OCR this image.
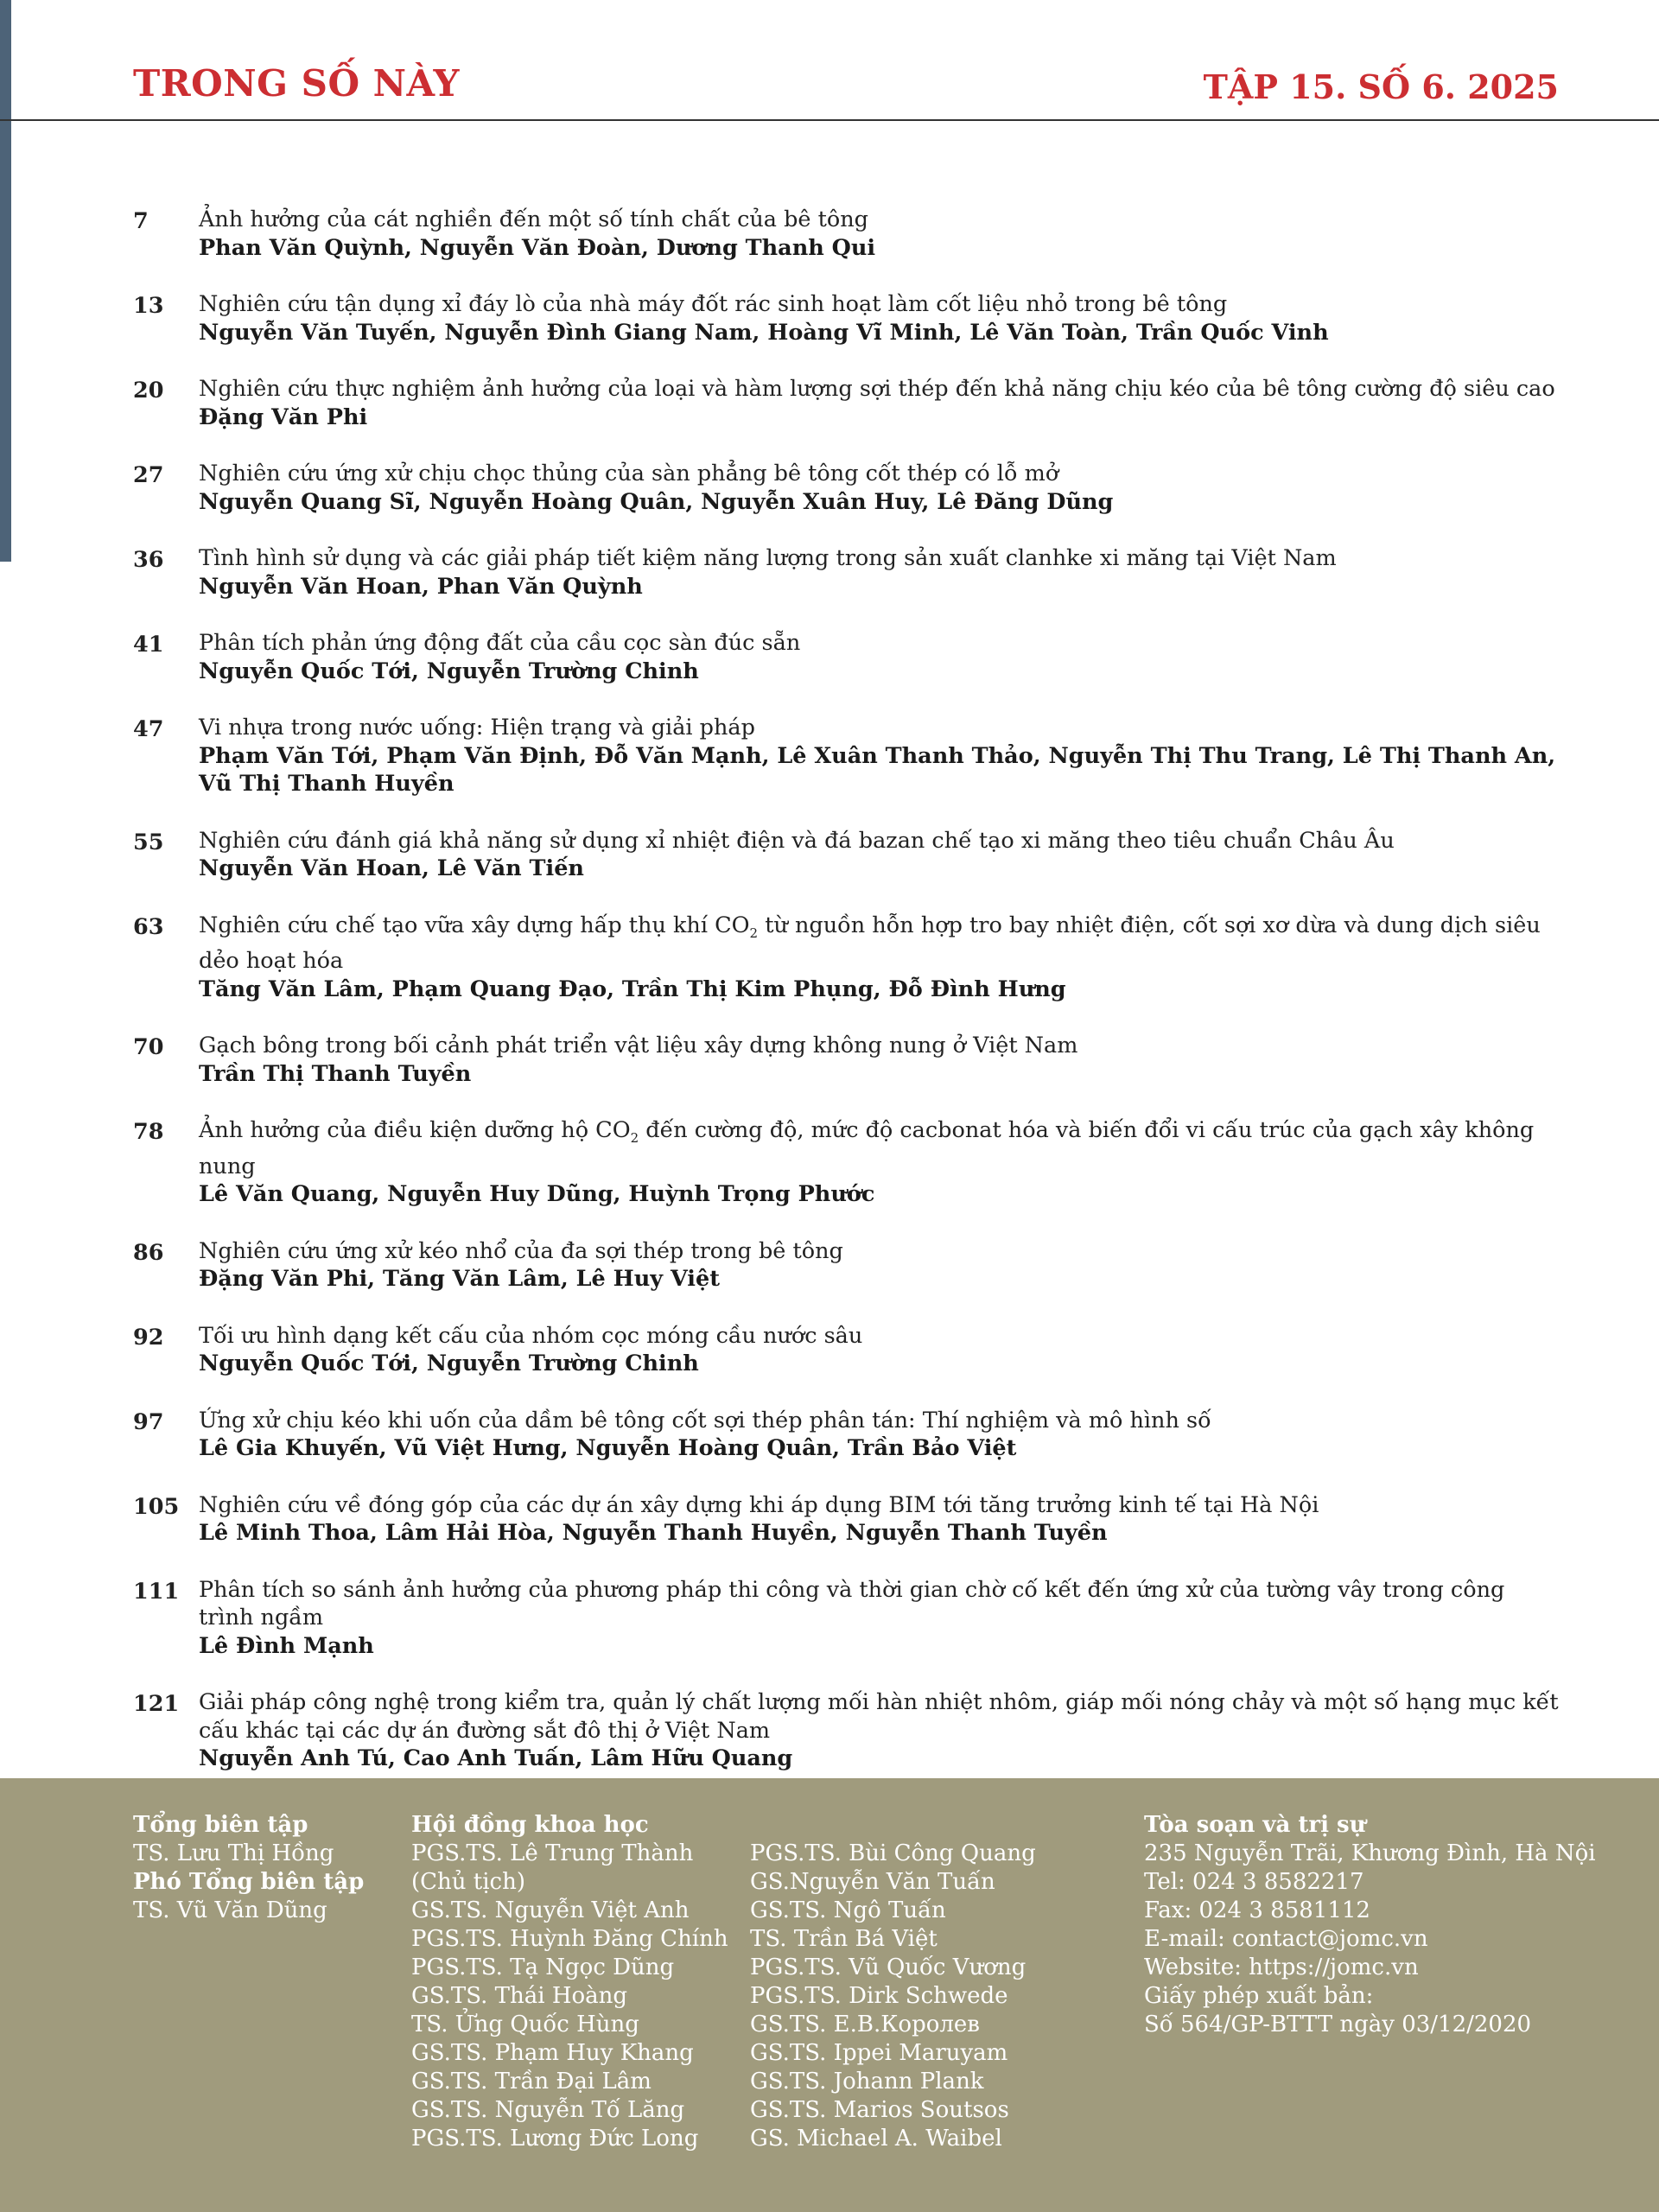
TRONG SỐ NÀY	TẬP 15. SỐ 6. 2025
7 Ảnh hưởng của cát nghiền đến một số tính chất của bê tông
Phan Văn Quỳnh, Nguyễn Văn Đoàn, Dương Thanh Qui
13 Nghiên cứu tận dụng xỉ đáy lò của nhà máy đốt rác sinh hoạt làm cốt liệu nhỏ trong bê tông
Nguyễn Văn Tuyến, Nguyễn Đình Giang Nam, Hoàng Vĩ Minh, Lê Văn Toàn, Trần Quốc Vinh
20 Nghiên cứu thực nghiệm ảnh hưởng của loại và hàm lượng sợi thép đến khả năng chịu kéo của bê tông cường độ siêu cao
Đặng Văn Phi
27 Nghiên cứu ứng xử chịu chọc thủng của sàn phẳng bê tông cốt thép có lỗ mở
Nguyễn Quang Sĩ, Nguyễn Hoàng Quân, Nguyễn Xuân Huy, Lê Đăng Dũng
36 Tình hình sử dụng và các giải pháp tiết kiệm năng lượng trong sản xuất clanhke xi măng tại Việt Nam
Nguyễn Văn Hoan, Phan Văn Quỳnh
41 Phân tích phản ứng động đất của cầu cọc sàn đúc sẵn
Nguyễn Quốc Tới, Nguyễn Trường Chinh
47 Vi nhựa trong nước uống: Hiện trạng và giải pháp
Phạm Văn Tới, Phạm Văn Định, Đỗ Văn Mạnh, Lê Xuân Thanh Thảo, Nguyễn Thị Thu Trang, Lê Thị Thanh An, Vũ Thị Thanh Huyền
55 Nghiên cứu đánh giá khả năng sử dụng xỉ nhiệt điện và đá bazan chế tạo xi măng theo tiêu chuẩn Châu Âu
Nguyễn Văn Hoan, Lê Văn Tiến
63 Nghiên cứu chế tạo vữa xây dựng hấp thụ khí $CO_2$ từ nguồn hỗn hợp tro bay nhiệt điện, cốt sợi xơ dừa và dung dịch siêu dẻo hoạt hóa
Tăng Văn Lâm, Phạm Quang Đạo, Trần Thị Kim Phụng, Đỗ Đình Hưng
70 Gạch bông trong bối cảnh phát triển vật liệu xây dựng không nung ở Việt Nam
Trần Thị Thanh Tuyền
78 Ảnh hưởng của điều kiện dưỡng hộ $CO_2$ đến cường độ, mức độ cacbonat hóa và biến đổi vi cấu trúc của gạch xây không nung
Lê Văn Quang, Nguyễn Huy Dũng, Huỳnh Trọng Phước
86 Nghiên cứu ứng xử kéo nhổ của đa sợi thép trong bê tông
Đặng Văn Phi, Tăng Văn Lâm, Lê Huy Việt
92 Tối ưu hình dạng kết cấu của nhóm cọc móng cầu nước sâu
Nguyễn Quốc Tới, Nguyễn Trường Chinh
97 Ứng xử chịu kéo khi uốn của dầm bê tông cốt sợi thép phân tán: Thí nghiệm và mô hình số
Lê Gia Khuyến, Vũ Việt Hưng, Nguyễn Hoàng Quân, Trần Bảo Việt
105 Nghiên cứu về đóng góp của các dự án xây dựng khi áp dụng BIM tới tăng trưởng kinh tế tại Hà Nội
Lê Minh Thoa, Lâm Hải Hòa, Nguyễn Thanh Huyền, Nguyễn Thanh Tuyền
111 Phân tích so sánh ảnh hưởng của phương pháp thi công và thời gian chờ cố kết đến ứng xử của tường vây trong công trình ngầm
Lê Đình Mạnh
121 Giải pháp công nghệ trong kiểm tra, quản lý chất lượng mối hàn nhiệt nhôm, giáp mối nóng chảy và một số hạng mục kết cấu khác tại các dự án đường sắt đô thị ở Việt Nam
Nguyễn Anh Tú, Cao Anh Tuấn, Lâm Hữu Quang
Tổng biên tập
TS. Lưu Thị Hồng
Phó Tổng biên tập
TS. Vũ Văn Dũng
Hội đồng khoa học
PGS.TS. Lê Trung Thành
(Chủ tịch)
GS.TS. Nguyễn Việt Anh
PGS.TS. Huỳnh Đăng Chính
PGS.TS. Tạ Ngọc Dũng
GS.TS. Thái Hoàng
TS. Ửng Quốc Hùng
GS.TS. Phạm Huy Khang
GS.TS. Trần Đại Lâm
GS.TS. Nguyễn Tố Lăng
PGS.TS. Lương Đức Long
PGS.TS. Bùi Công Quang
GS.Nguyễn Văn Tuấn
GS.TS. Ngô Tuấn
TS. Trần Bá Việt
PGS.TS. Vũ Quốc Vương
PGS.TS. Dirk Schwede
GS.TS. E.B.Королев
GS.TS. Ippei Maruyam
GS.TS. Johann Plank
GS.TS. Marios Soutsos
GS. Michael A. Waibel
Tòa soạn và trị sự
235 Nguyễn Trãi, Khương Đình, Hà Nội
Tel: 024 3 8582217
Fax: 024 3 8581112
E-mail: contact@jomc.vn
Website: https://jomc.vn
Giấy phép xuất bản:
Số 564/GP-BTTT ngày 03/12/2020
